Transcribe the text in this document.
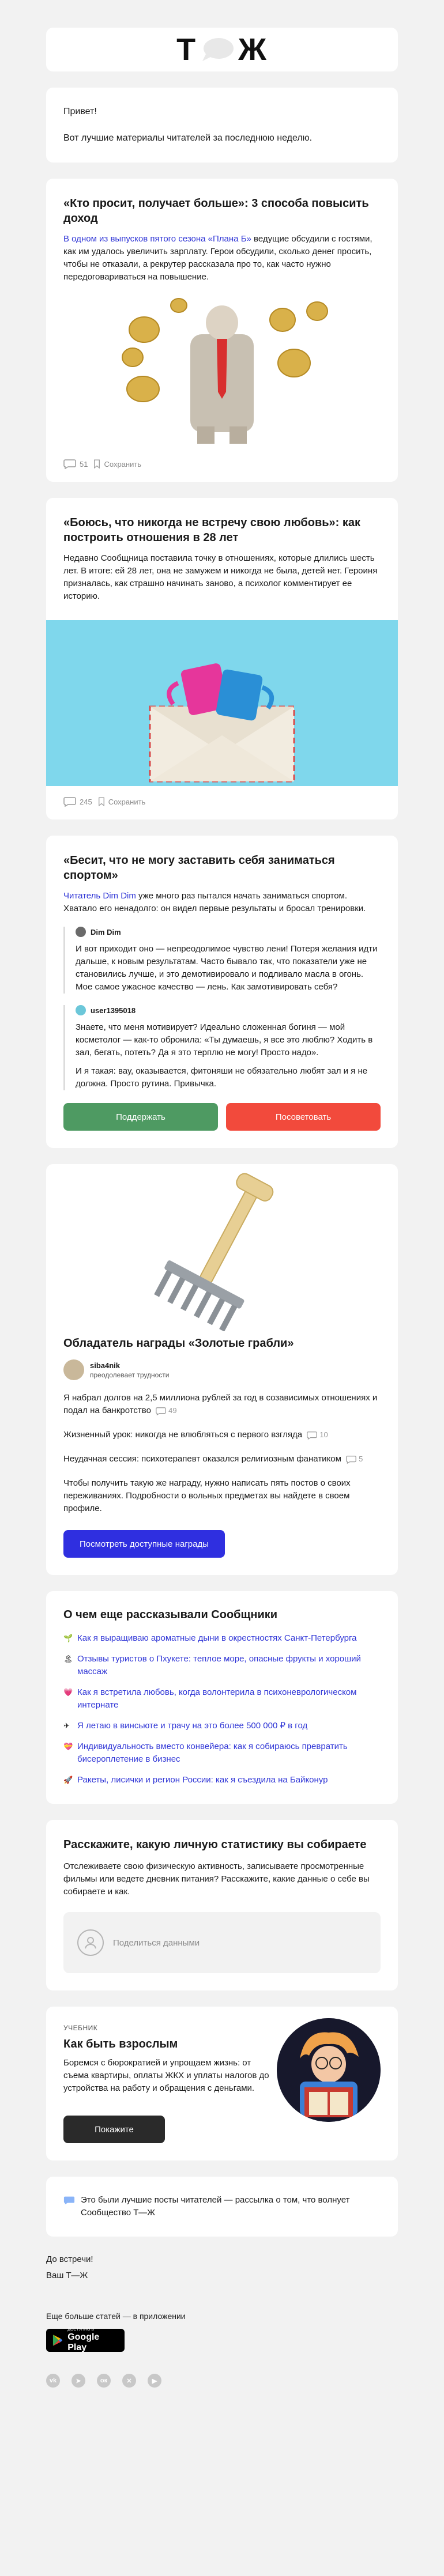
Т Ж

Привет!

Вот лучшие материалы читателей за последнюю неделю.

«Кто просит, получает больше»: 3 способа повысить доход

В одном из выпусков пятого сезона «Плана Б» ведущие обсудили с гостями, как им удалось увеличить зарплату. Герои обсудили, сколько денег просить, чтобы не отказали, а рекрутер рассказала про то, как часто нужно передоговариваться на повышение.

51 Сохранить
«Боюсь, что никогда не встречу свою любовь»: как построить отношения в 28 лет

Недавно Сообщница поставила точку в отношениях, которые длились шесть лет. В итоге: ей 28 лет, она не замужем и никогда не была, детей нет. Героиня призналась, как страшно начинать заново, а психолог комментирует ее историю.

245 Сохранить
«Бесит, что не могу заставить себя заниматься спортом»

Читатель Dim Dim уже много раз пытался начать заниматься спортом. Хватало его ненадолго: он видел первые результаты и бросал тренировки.

Dim Dim

И вот приходит оно — непреодолимое чувство лени! Потеря желания идти дальше, к новым результатам. Часто бывало так, что показатели уже не становились лучше, и это демотивировало и подливало масла в огонь. Мое самое ужасное качество — лень. Как замотивировать себя?

user1395018

Знаете, что меня мотивирует? Идеально сложенная богиня — мой косметолог — как-то обронила: «Ты думаешь, я все это люблю? Ходить в зал, бегать, потеть? Да я это терплю не могу! Просто надо».

И я такая: вау, оказывается, фитоняши не обязательно любят зал и я не должна. Просто рутина. Привычка.

Поддержать	Посоветовать
Обладатель награды «Золотые грабли»
siba4nik
преодолевает трудности

Я набрал долгов на 2,5 миллиона рублей за год в созависимых отношениях и подал на банкротство 49

Жизненный урок: никогда не влюбляться с первого взгляда 10

Неудачная сессия: психотерапевт оказался религиозным фанатиком 5

Чтобы получить такую же награду, нужно написать пять постов о своих переживаниях. Подробности о вольных предметах вы найдете в своем профиле.

Посмотреть доступные награды
О чем еще рассказывали Сообщники
🌱 Как я выращиваю ароматные дыни в окрестностях Санкт-Петербурга
🏝 Отзывы туристов о Пхукете: теплое море, опасные фрукты и хороший массаж
💗 Как я встретила любовь, когда волонтерила в психоневрологическом интернате
✈ Я летаю в винсьюте и трачу на это более 500 000 ₽ в год
💝 Индивидуальность вместо конвейера: как я собираюсь превратить бисероплетение в бизнес
🚀 Ракеты, лисички и регион России: как я съездила на Байконур
Расскажите, какую личную статистику вы собираете

Отслеживаете свою физическую активность, записываете просмотренные фильмы или ведете дневник питания? Расскажите, какие данные о себе вы собираете и как.

Поделиться данными
УЧЕБНИК
Как быть взрослым

Боремся с бюрократией и упрощаем жизнь: от съема квартиры, оплаты ЖКХ и уплаты налогов до устройства на работу и обращения с деньгами.

Покажите
Это были лучшие посты читателей — рассылка о том, что волнует Сообщество Т—Ж

До встречи!

Ваш Т—Ж

Еще больше статей — в приложении

ДОСТУПНО В
Google Play
vk	➤	ок	✕	▶
